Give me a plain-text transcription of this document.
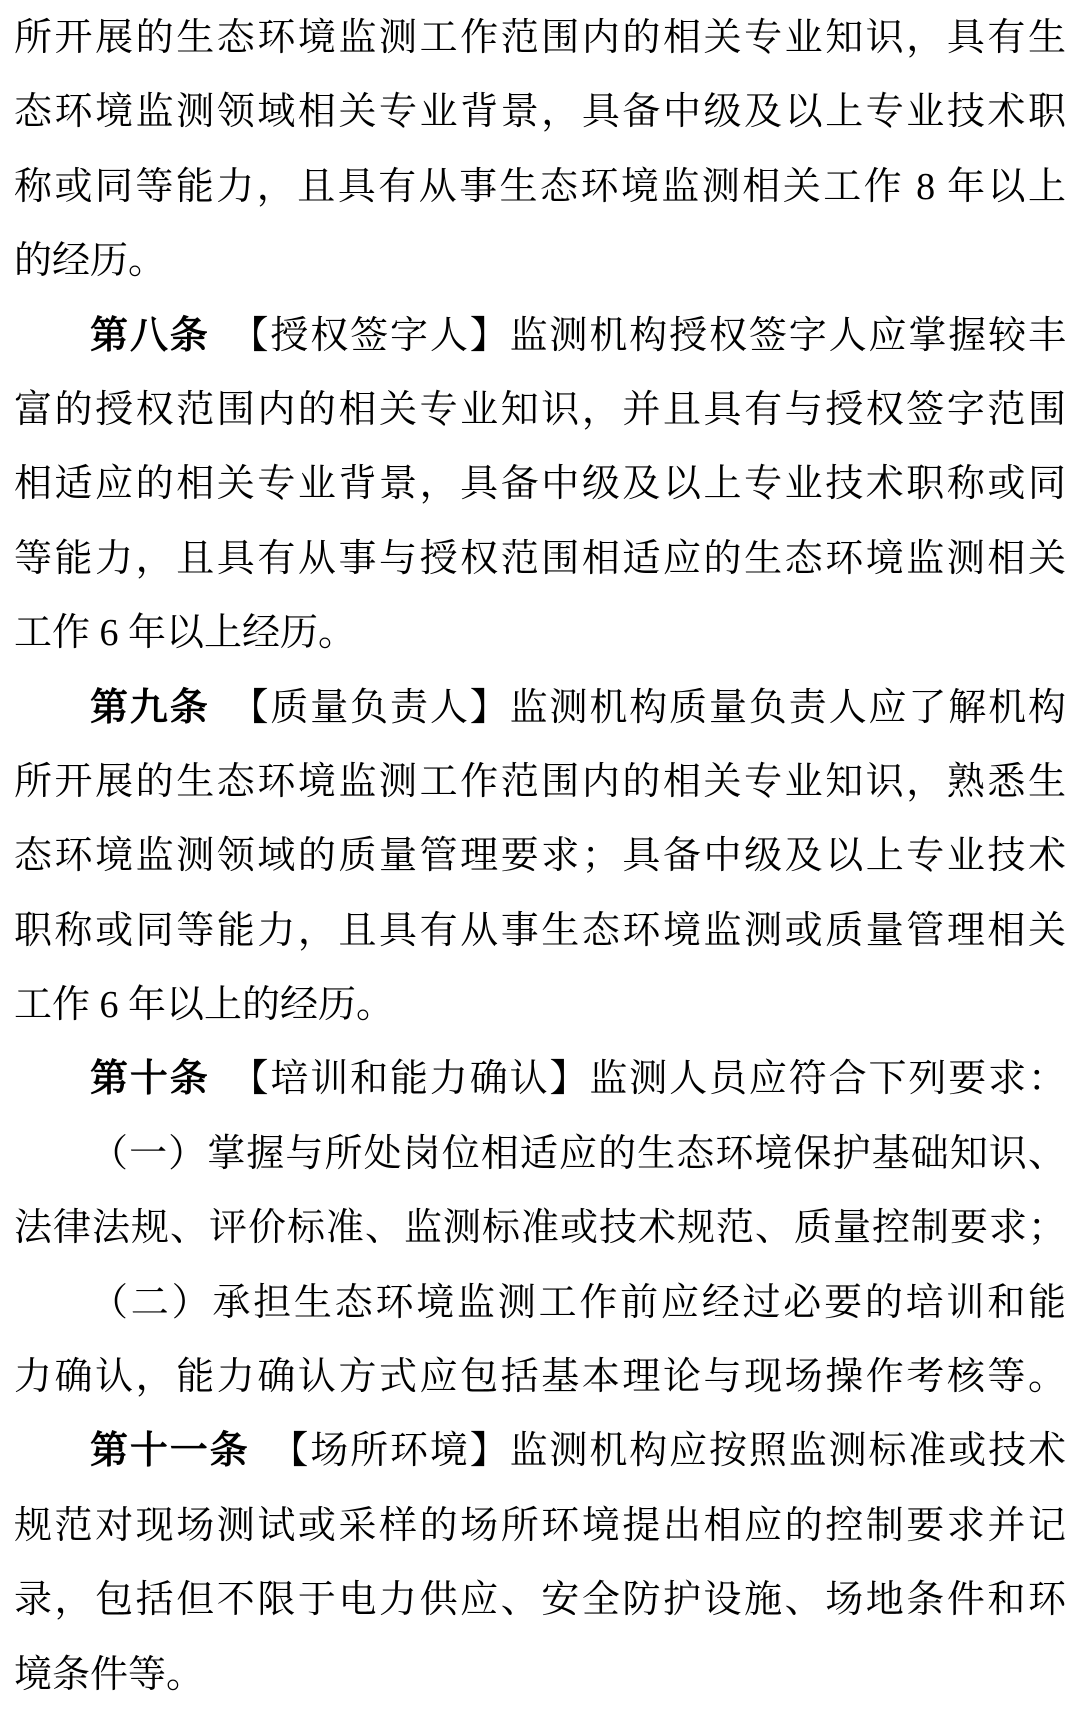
所开展的生态环境监测工作范围内的相关专业知识，具有生
态环境监测领域相关专业背景，具备中级及以上专业技术职
称或同等能力，且具有从事生态环境监测相关工作 8 年以上
的经历。
第八条　【授权签字人】监测机构授权签字人应掌握较丰
富的授权范围内的相关专业知识，并且具有与授权签字范围
相适应的相关专业背景，具备中级及以上专业技术职称或同
等能力，且具有从事与授权范围相适应的生态环境监测相关
工作 6 年以上经历。
第九条　【质量负责人】监测机构质量负责人应了解机构
所开展的生态环境监测工作范围内的相关专业知识，熟悉生
态环境监测领域的质量管理要求；具备中级及以上专业技术
职称或同等能力，且具有从事生态环境监测或质量管理相关
工作 6 年以上的经历。
第十条　【培训和能力确认】监测人员应符合下列要求：
（一）掌握与所处岗位相适应的生态环境保护基础知识、
法律法规、评价标准、监测标准或技术规范、质量控制要求；
（二）承担生态环境监测工作前应经过必要的培训和能
力确认，能力确认方式应包括基本理论与现场操作考核等。
第十一条　【场所环境】监测机构应按照监测标准或技术
规范对现场测试或采样的场所环境提出相应的控制要求并记
录，包括但不限于电力供应、安全防护设施、场地条件和环
境条件等。
